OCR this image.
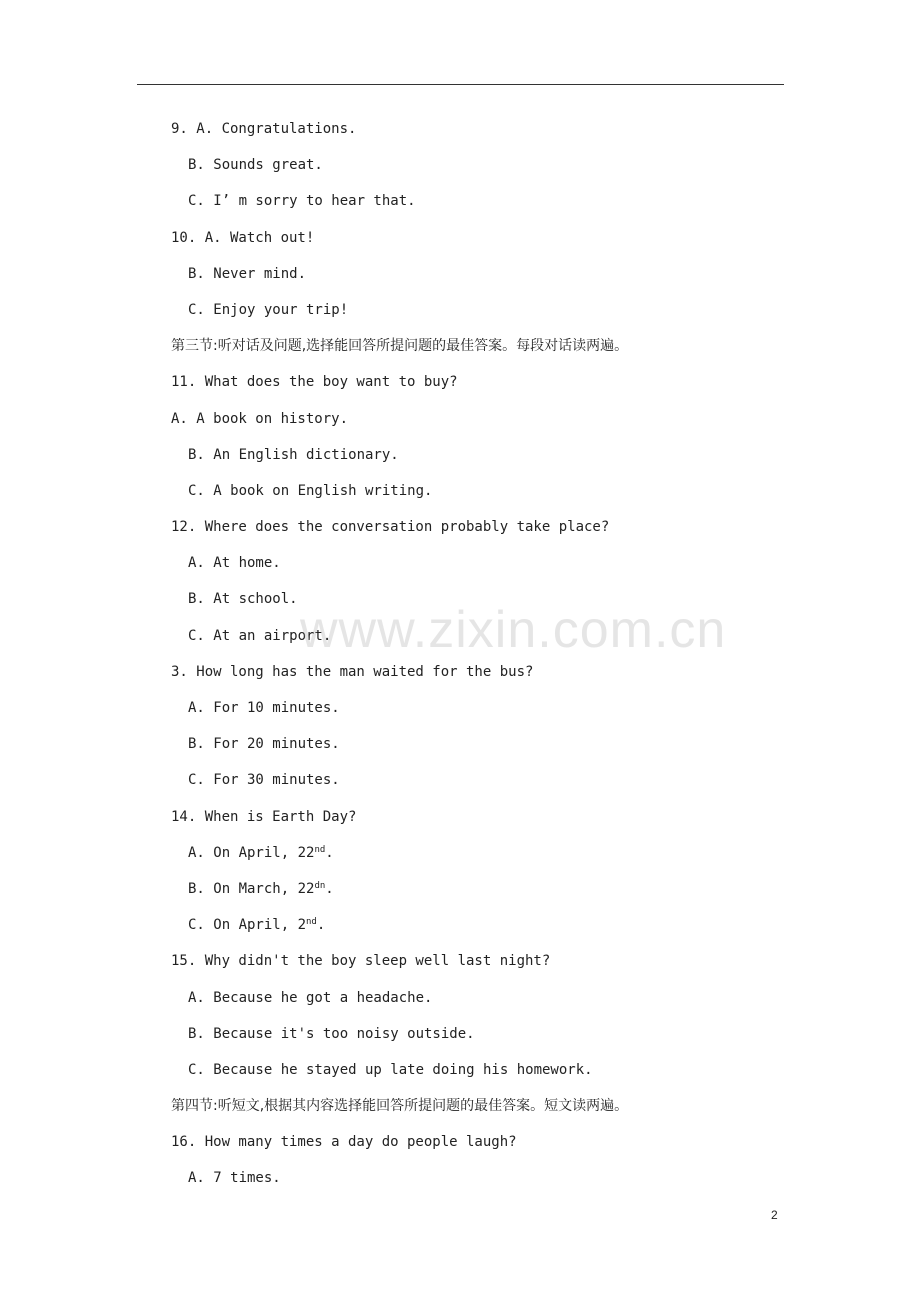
9. A. Congratulations.
B. Sounds great.
C. I’ m sorry to hear that.
10. A. Watch out!
B. Never mind.
C. Enjoy your trip!
第三节:听对话及问题,选择能回答所提问题的最佳答案。每段对话读两遍。
11. What does the boy want to buy?
A. A book on history.
B. An English dictionary.
C. A book on English writing.
12. Where does the conversation probably take place?
A. At home.
B. At school.
C. At an airport.
3. How long has the man waited for the bus?
A. For 10 minutes.
B. For 20 minutes.
C. For 30 minutes.
14. When is Earth Day?
A. On April, 22nd.
B. On March, $22^{dn}$.
C. On April, 2nd.
15. Why didn't the boy sleep well last night?
A. Because he got a headache.
B. Because it's too noisy outside.
C. Because he stayed up late doing his homework.
第四节:听短文,根据其内容选择能回答所提问题的最佳答案。短文读两遍。
16. How many times a day do people laugh?
A. 7 times.
www.zixin.com.cn
2
